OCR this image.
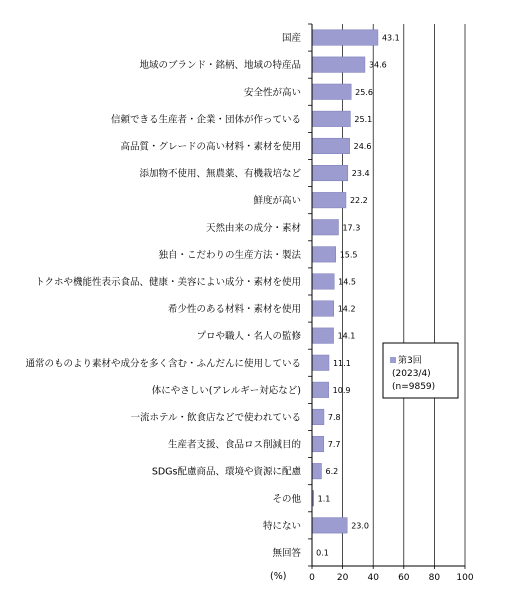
国産
地域のブランド・銘柄、地域の特産品
安全性が高い
信頼できる生産者・企業・団体が作っている
高品質・グレードの高い材料・素材を使用
添加物不使用、無農薬、有機栽培など
鮮度が高い
天然由来の成分・素材
独自・こだわりの生産方法・製法
トクホや機能性表示食品、健康・美容によい成分・素材を使用
希少性のある材料・素材を使用
プロや職人・名人の監修
通常のものより素材や成分を多く含む・ふんだんに使用している
体にやさしい(アレルギー対応など)
一流ホテル・飲食店などで使われている
生産者支援、食品ロス削減目的
SDGs配慮商品、環境や資源に配慮
その他
特にない
無回答
43.1
34.6
25.6
25.1
24.6
23.4
22.2
17.3
15.5
14.5
14.2
14.1
11.1
10.9
7.8
7.7
6.2
1.1
23.0
0.1
0 20 40 60 80 100
第3回
(2023/4)
(n=9859)
(%)
